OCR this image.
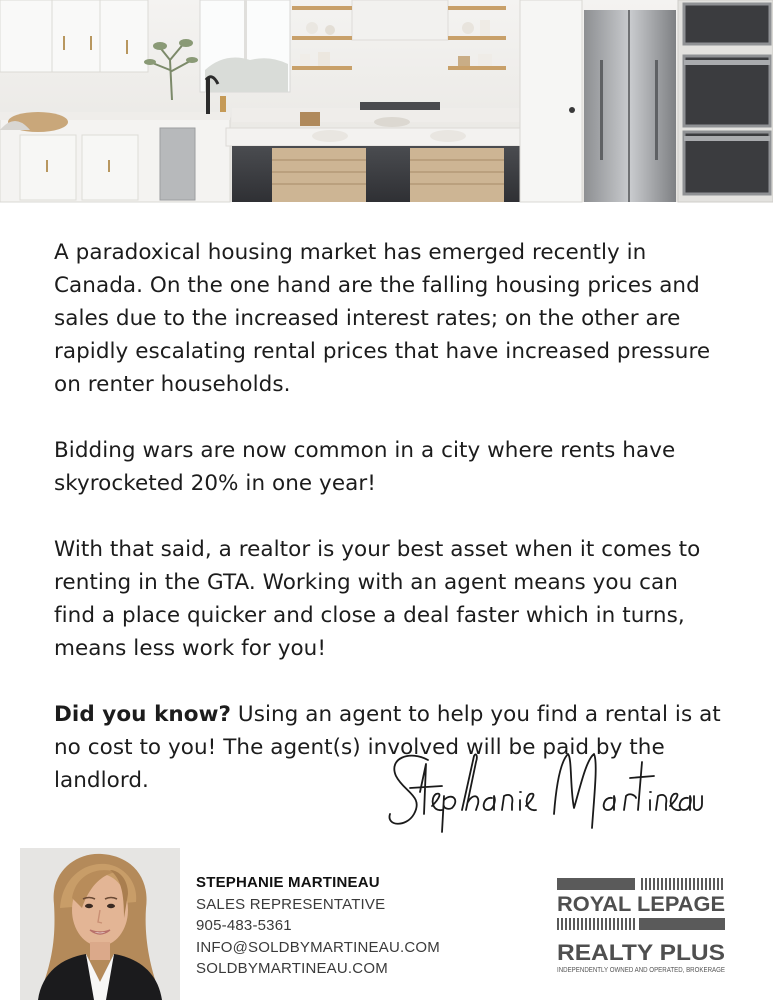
A paradoxical housing market has emerged recently in Canada. On the one hand are the falling housing prices and sales due to the increased interest rates; on the other are rapidly escalating rental prices that have increased pressure on renter households.

Bidding wars are now common in a city where rents have skyrocketed 20% in one year!

With that said, a realtor is your best asset when it comes to renting in the GTA. Working with an agent means you can find a place quicker and close a deal faster which in turns, means less work for you!

Did you know? Using an agent to help you find a rental is at no cost to you! The agent(s) involved will be paid by the landlord.

STEPHANIE MARTINEAU
SALES REPRESENTATIVE
905-483-5361
INFO@SOLDBYMARTINEAU.COM
SOLDBYMARTINEAU.COM
ROYAL LEPAGE
REALTY PLUS
INDEPENDENTLY OWNED AND OPERATED, BROKERAGE
